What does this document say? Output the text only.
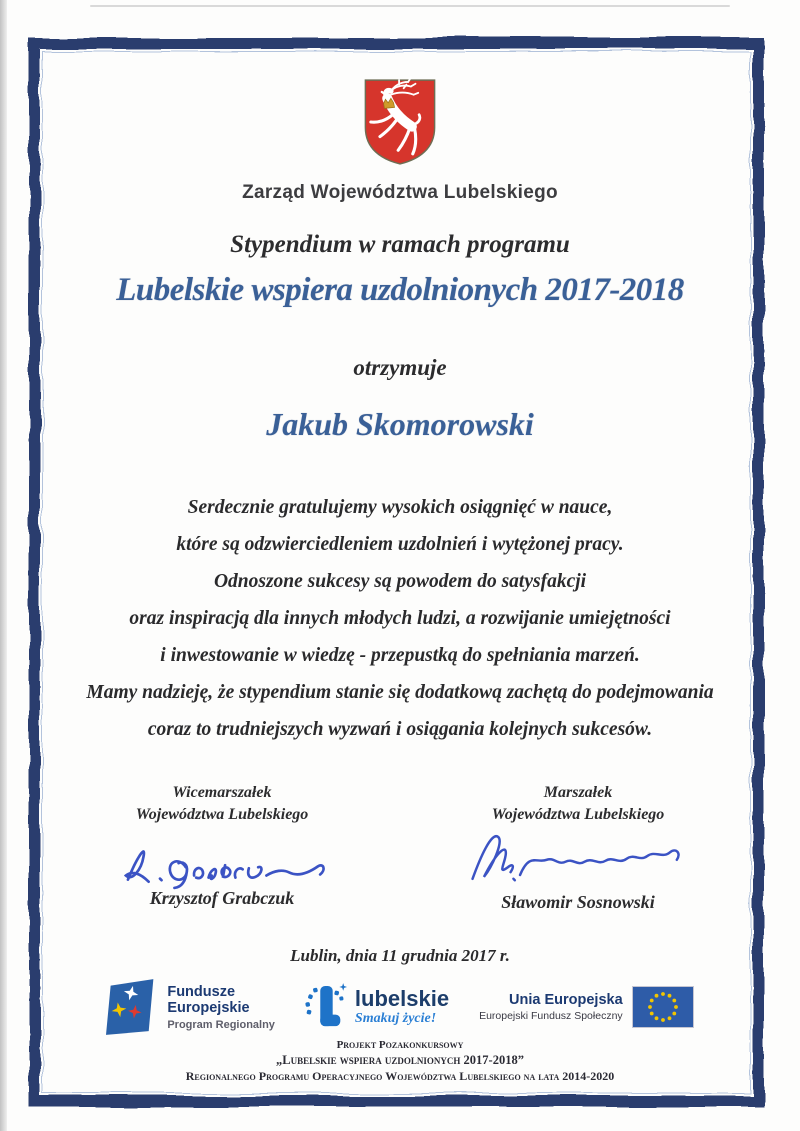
Zarząd Województwa Lubelskiego
Stypendium w ramach programu
Lubelskie wspiera uzdolnionych 2017-2018
otrzymuje
Jakub Skomorowski
Serdecznie gratulujemy wysokich osiągnięć w nauce,
które są odzwierciedleniem uzdolnień i wytężonej pracy.
Odnoszone sukcesy są powodem do satysfakcji
oraz inspiracją dla innych młodych ludzi, a rozwijanie umiejętności
i inwestowanie w wiedzę - przepustką do spełniania marzeń.
Mamy nadzieję, że stypendium stanie się dodatkową zachętą do podejmowania
coraz to trudniejszych wyzwań i osiągania kolejnych sukcesów.
Wicemarszałek
Województwa Lubelskiego
Krzysztof Grabczuk
Marszałek
Województwa Lubelskiego
Sławomir Sosnowski
Lublin, dnia 11 grudnia 2017 r.
Fundusze
Europejskie
Program Regionalny
lubelskie
Smakuj życie!
Unia Europejska
Europejski Fundusz Społeczny
Projekt Pozakonkursowy
„Lubelskie wspiera uzdolnionych 2017-2018”
Regionalnego Programu Operacyjnego Województwa Lubelskiego na lata 2014-2020
